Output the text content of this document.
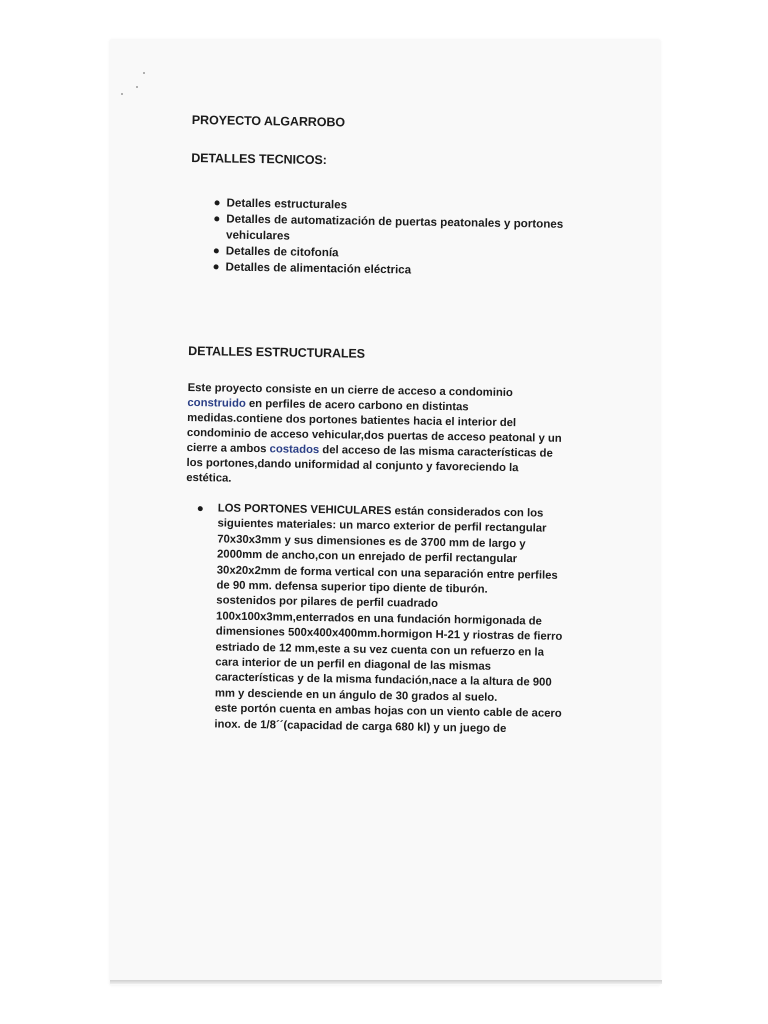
PROYECTO ALGARROBO
DETALLES TECNICOS:
Detalles estructurales
Detalles de automatización de puertas peatonales y portones vehiculares
Detalles de citofonía
Detalles de alimentación eléctrica
DETALLES ESTRUCTURALES

Este proyecto consiste en un cierre de acceso a condominio construido en perfiles de acero carbono en distintas medidas.contiene dos portones batientes hacia el interior del condominio de acceso vehicular,dos puertas de acceso peatonal y un cierre a ambos costados del acceso de las misma características de los portones,dando uniformidad al conjunto y favoreciendo la estética.

LOS PORTONES VEHICULARES están considerados con los siguientes materiales: un marco exterior de perfil rectangular 70x30x3mm y sus dimensiones es de 3700 mm de largo y 2000mm de ancho,con un enrejado de perfil rectangular 30x20x2mm de forma vertical con una separación entre perfiles de 90 mm. defensa superior tipo diente de tiburón.
sostenidos por pilares de perfil cuadrado 100x100x3mm,enterrados en una fundación hormigonada de dimensiones 500x400x400mm.hormigon H-21 y riostras de fierro estriado de 12 mm,este a su vez cuenta con un refuerzo en la cara interior de un perfil en diagonal de las mismas características y de la misma fundación,nace a la altura de 900 mm y desciende en un ángulo de 30 grados al suelo.
este portón cuenta en ambas hojas con un viento cable de acero inox. de 1/8´´(capacidad de carga 680 kl) y un juego de
